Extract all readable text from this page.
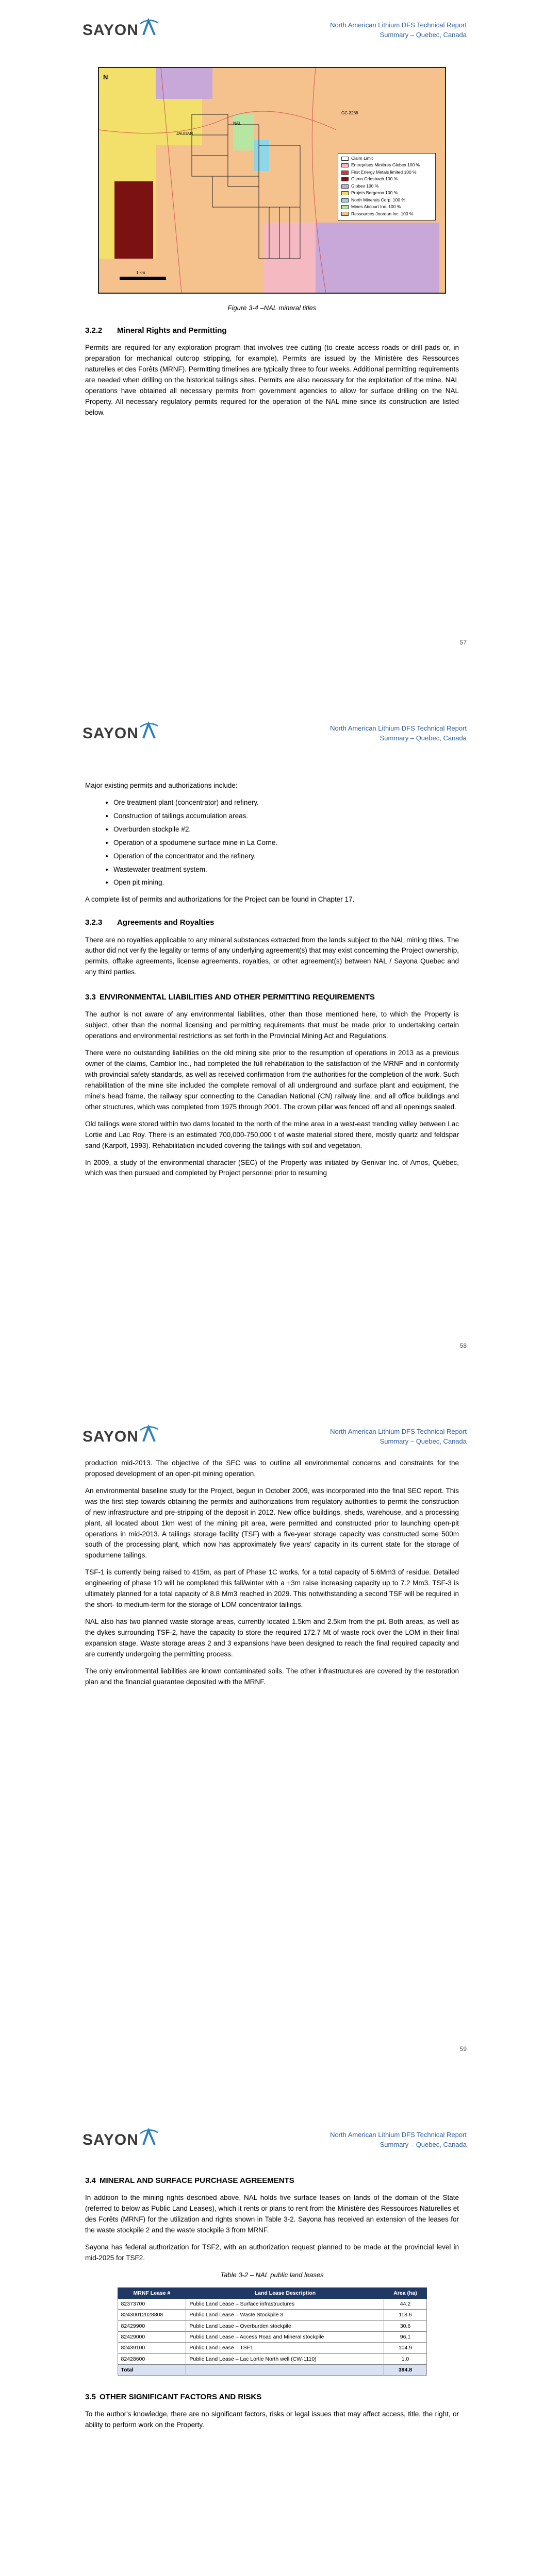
SAYON	North American Lithium DFS Technical Report
Summary – Quebec, Canada
N
JAUDAN
NAL
GC-3288
1 km
Claim Limit
Entreprises Minières Globex 100 %
First Energy Metals limited 100 %
Glenn Griesbach 100 %
Globex 100 %
Projets Bergeron 100 %
North Minerals Corp. 100 %
Mines Abcourt Inc. 100 %
Ressources Jourdan Inc. 100 %
Figure 3-4 –NAL mineral titles
3.2.2 Mineral Rights and Permitting

Permits are required for any exploration program that involves tree cutting (to create access roads or drill pads or, in preparation for mechanical outcrop stripping, for example). Permits are issued by the Ministère des Ressources naturelles et des Forêts (MRNF). Permitting timelines are typically three to four weeks. Additional permitting requirements are needed when drilling on the historical tailings sites. Permits are also necessary for the exploitation of the mine. NAL operations have obtained all necessary permits from government agencies to allow for surface drilling on the NAL Property. All necessary regulatory permits required for the operation of the NAL mine since its construction are listed below.

57
SAYON	North American Lithium DFS Technical Report
Summary – Quebec, Canada

Major existing permits and authorizations include:

• Ore treatment plant (concentrator) and refinery.
• Construction of tailings accumulation areas.
• Overburden stockpile #2.
• Operation of a spodumene surface mine in La Corne.
• Operation of the concentrator and the refinery.
• Wastewater treatment system.
• Open pit mining.

A complete list of permits and authorizations for the Project can be found in Chapter 17.

3.2.3 Agreements and Royalties

There are no royalties applicable to any mineral substances extracted from the lands subject to the NAL mining titles. The author did not verify the legality or terms of any underlying agreement(s) that may exist concerning the Project ownership, permits, offtake agreements, license agreements, royalties, or other agreement(s) between NAL / Sayona Quebec and any third parties.

3.3 ENVIRONMENTAL LIABILITIES AND OTHER PERMITTING REQUIREMENTS

The author is not aware of any environmental liabilities, other than those mentioned here, to which the Property is subject, other than the normal licensing and permitting requirements that must be made prior to undertaking certain operations and environmental restrictions as set forth in the Provincial Mining Act and Regulations.

There were no outstanding liabilities on the old mining site prior to the resumption of operations in 2013 as a previous owner of the claims, Cambior Inc., had completed the full rehabilitation to the satisfaction of the MRNF and in conformity with provincial safety standards, as well as received confirmation from the authorities for the completion of the work. Such rehabilitation of the mine site included the complete removal of all underground and surface plant and equipment, the mine's head frame, the railway spur connecting to the Canadian National (CN) railway line, and all office buildings and other structures, which was completed from 1975 through 2001. The crown pillar was fenced off and all openings sealed.

Old tailings were stored within two dams located to the north of the mine area in a west-east trending valley between Lac Lortie and Lac Roy. There is an estimated 700,000-750,000 t of waste material stored there, mostly quartz and feldspar sand (Karpoff, 1993). Rehabilitation included covering the tailings with soil and vegetation.

In 2009, a study of the environmental character (SEC) of the Property was initiated by Genivar Inc. of Amos, Québec, which was then pursued and completed by Project personnel prior to resuming

58
SAYON	North American Lithium DFS Technical Report
Summary – Quebec, Canada

production mid-2013. The objective of the SEC was to outline all environmental concerns and constraints for the proposed development of an open-pit mining operation.

An environmental baseline study for the Project, begun in October 2009, was incorporated into the final SEC report. This was the first step towards obtaining the permits and authorizations from regulatory authorities to permit the construction of new infrastructure and pre-stripping of the deposit in 2012. New office buildings, sheds, warehouse, and a processing plant, all located about 1km west of the mining pit area, were permitted and constructed prior to launching open-pit operations in mid-2013. A tailings storage facility (TSF) with a five-year storage capacity was constructed some 500m south of the processing plant, which now has approximately five years' capacity in its current state for the storage of spodumene tailings.

TSF-1 is currently being raised to 415m, as part of Phase 1C works, for a total capacity of 5.6Mm3 of residue. Detailed engineering of phase 1D will be completed this fall/winter with a +3m raise increasing capacity up to 7.2 Mm3. TSF-3 is ultimately planned for a total capacity of 8.8 Mm3 reached in 2029. This notwithstanding a second TSF will be required in the short- to medium-term for the storage of LOM concentrator tailings.

NAL also has two planned waste storage areas, currently located 1.5km and 2.5km from the pit. Both areas, as well as the dykes surrounding TSF-2, have the capacity to store the required 172.7 Mt of waste rock over the LOM in their final expansion stage. Waste storage areas 2 and 3 expansions have been designed to reach the final required capacity and are currently undergoing the permitting process.

The only environmental liabilities are known contaminated soils. The other infrastructures are covered by the restoration plan and the financial guarantee deposited with the MRNF.

59
SAYON	North American Lithium DFS Technical Report
Summary – Quebec, Canada
3.4 MINERAL AND SURFACE PURCHASE AGREEMENTS

In addition to the mining rights described above, NAL holds five surface leases on lands of the domain of the State (referred to below as Public Land Leases), which it rents or plans to rent from the Ministère des Ressources Naturelles et des Forêts (MRNF) for the utilization and rights shown in Table 3-2. Sayona has received an extension of the leases for the waste stockpile 2 and the waste stockpile 3 from MRNF.

Sayona has federal authorization for TSF2, with an authorization request planned to be made at the provincial level in mid-2025 for TSF2.

Table 3-2 – NAL public land leases
MRNF Lease #	Land Lease Description	Area (ha)
82373700	Public Land Lease – Surface infrastructures	44.2
82430012028808	Public Land Lease – Waste Stockpile 3	118.6
82429900	Public Land Lease – Overburden stockpile	30.6
82429000	Public Land Lease – Access Road and Mineral stockpile	96.1
82439100	Public Land Lease – TSF1	104.9
82428600	Public Land Lease – Lac Lortie North well (CW-1110)	1.0
Total		394.8
3.5 OTHER SIGNIFICANT FACTORS AND RISKS

To the author's knowledge, there are no significant factors, risks or legal issues that may affect access, title, the right, or ability to perform work on the Property.
